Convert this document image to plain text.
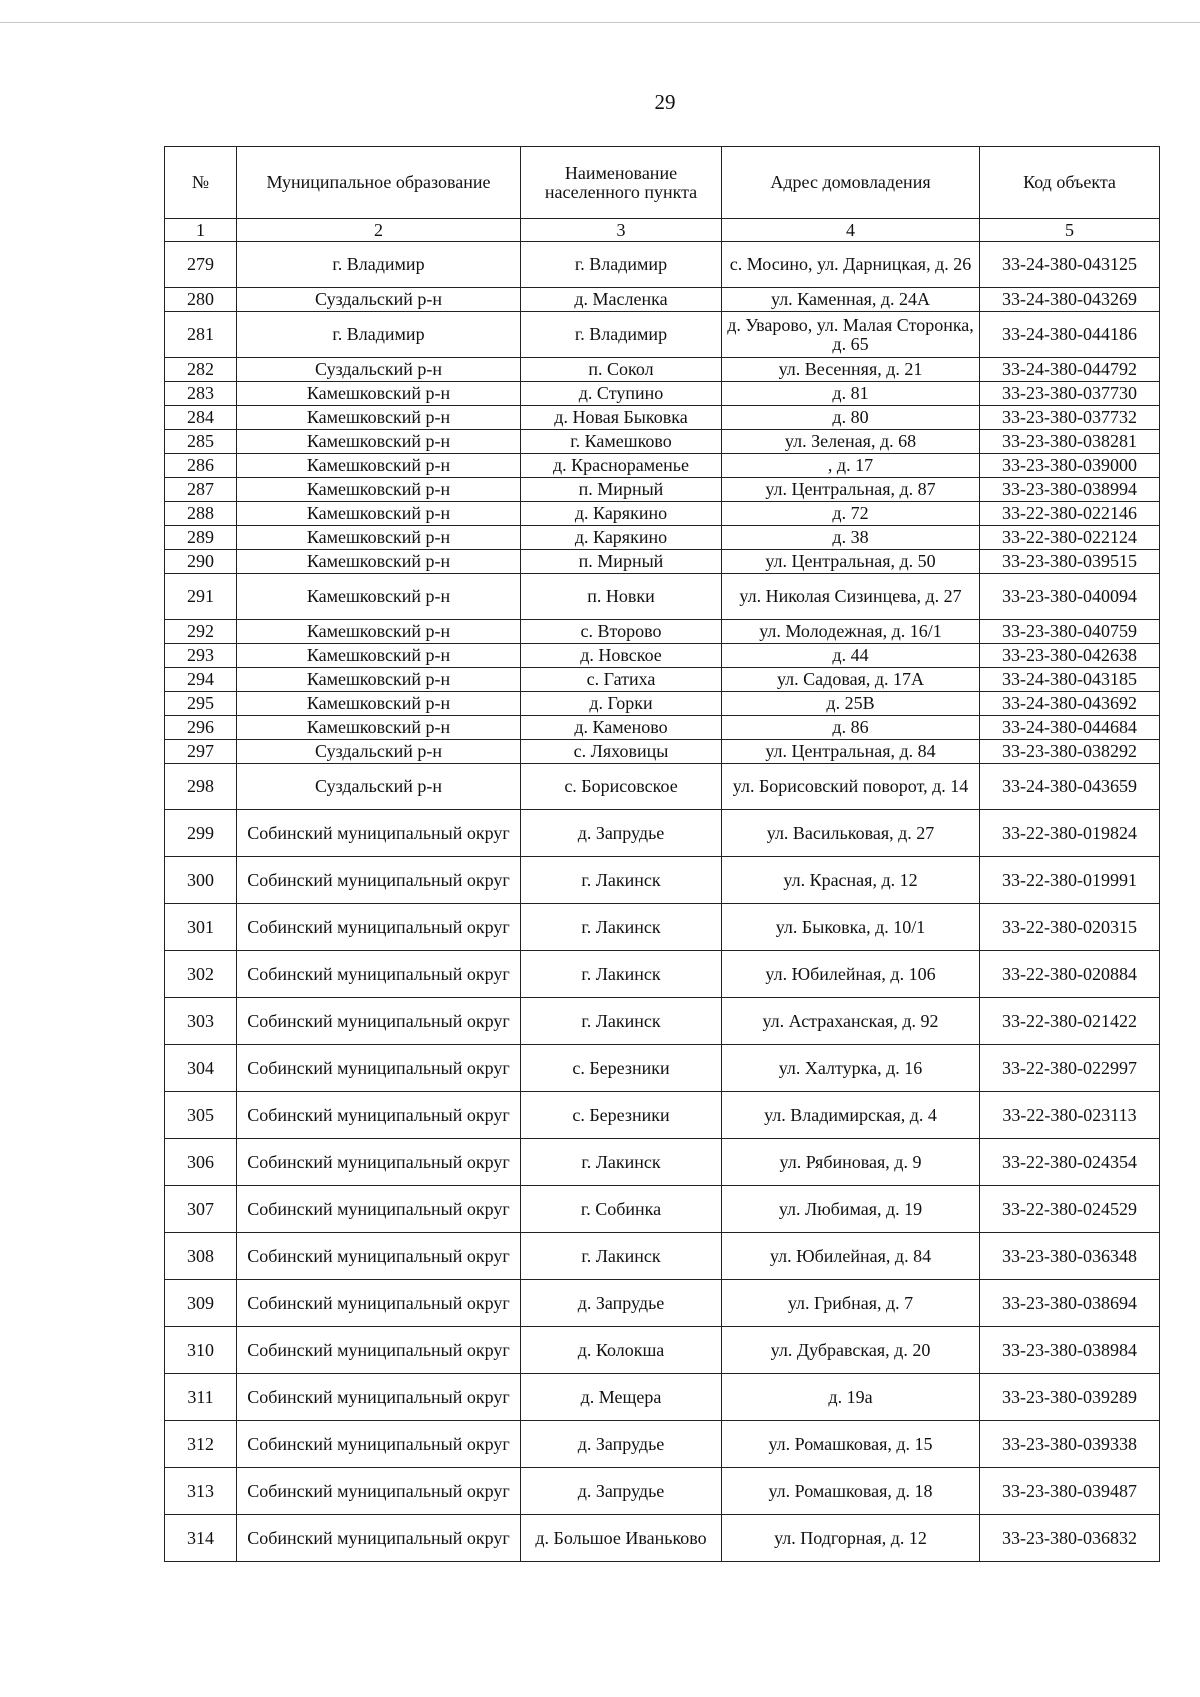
29
№	Муниципальное образование	Наименование населенного пункта	Адрес домовладения	Код объекта
1	2	3	4	5
279	г. Владимир	г. Владимир	с. Мосино, ул. Дарницкая, д. 26	33-24-380-043125
280	Суздальский р-н	д. Масленка	ул. Каменная, д. 24А	33-24-380-043269
281	г. Владимир	г. Владимир	д. Уварово, ул. Малая Сторонка, д. 65	33-24-380-044186
282	Суздальский р-н	п. Сокол	ул. Весенняя, д. 21	33-24-380-044792
283	Камешковский р-н	д. Ступино	д. 81	33-23-380-037730
284	Камешковский р-н	д. Новая Быковка	д. 80	33-23-380-037732
285	Камешковский р-н	г. Камешково	ул. Зеленая, д. 68	33-23-380-038281
286	Камешковский р-н	д. Краснораменье	, д. 17	33-23-380-039000
287	Камешковский р-н	п. Мирный	ул. Центральная, д. 87	33-23-380-038994
288	Камешковский р-н	д. Карякино	д. 72	33-22-380-022146
289	Камешковский р-н	д. Карякино	д. 38	33-22-380-022124
290	Камешковский р-н	п. Мирный	ул. Центральная, д. 50	33-23-380-039515
291	Камешковский р-н	п. Новки	ул. Николая Сизинцева, д. 27	33-23-380-040094
292	Камешковский р-н	с. Второво	ул. Молодежная, д. 16/1	33-23-380-040759
293	Камешковский р-н	д. Новское	д. 44	33-23-380-042638
294	Камешковский р-н	с. Гатиха	ул. Садовая, д. 17А	33-24-380-043185
295	Камешковский р-н	д. Горки	д. 25В	33-24-380-043692
296	Камешковский р-н	д. Каменово	д. 86	33-24-380-044684
297	Суздальский р-н	с. Ляховицы	ул. Центральная, д. 84	33-23-380-038292
298	Суздальский р-н	с. Борисовское	ул. Борисовский поворот, д. 14	33-24-380-043659
299	Собинский муниципальный округ	д. Запрудье	ул. Васильковая, д. 27	33-22-380-019824
300	Собинский муниципальный округ	г. Лакинск	ул. Красная, д. 12	33-22-380-019991
301	Собинский муниципальный округ	г. Лакинск	ул. Быковка, д. 10/1	33-22-380-020315
302	Собинский муниципальный округ	г. Лакинск	ул. Юбилейная, д. 106	33-22-380-020884
303	Собинский муниципальный округ	г. Лакинск	ул. Астраханская, д. 92	33-22-380-021422
304	Собинский муниципальный округ	с. Березники	ул. Халтурка, д. 16	33-22-380-022997
305	Собинский муниципальный округ	с. Березники	ул. Владимирская, д. 4	33-22-380-023113
306	Собинский муниципальный округ	г. Лакинск	ул. Рябиновая, д. 9	33-22-380-024354
307	Собинский муниципальный округ	г. Собинка	ул. Любимая, д. 19	33-22-380-024529
308	Собинский муниципальный округ	г. Лакинск	ул. Юбилейная, д. 84	33-23-380-036348
309	Собинский муниципальный округ	д. Запрудье	ул. Грибная, д. 7	33-23-380-038694
310	Собинский муниципальный округ	д. Колокша	ул. Дубравская, д. 20	33-23-380-038984
311	Собинский муниципальный округ	д. Мещера	д. 19а	33-23-380-039289
312	Собинский муниципальный округ	д. Запрудье	ул. Ромашковая, д. 15	33-23-380-039338
313	Собинский муниципальный округ	д. Запрудье	ул. Ромашковая, д. 18	33-23-380-039487
314	Собинский муниципальный округ	д. Большое Иваньково	ул. Подгорная, д. 12	33-23-380-036832
